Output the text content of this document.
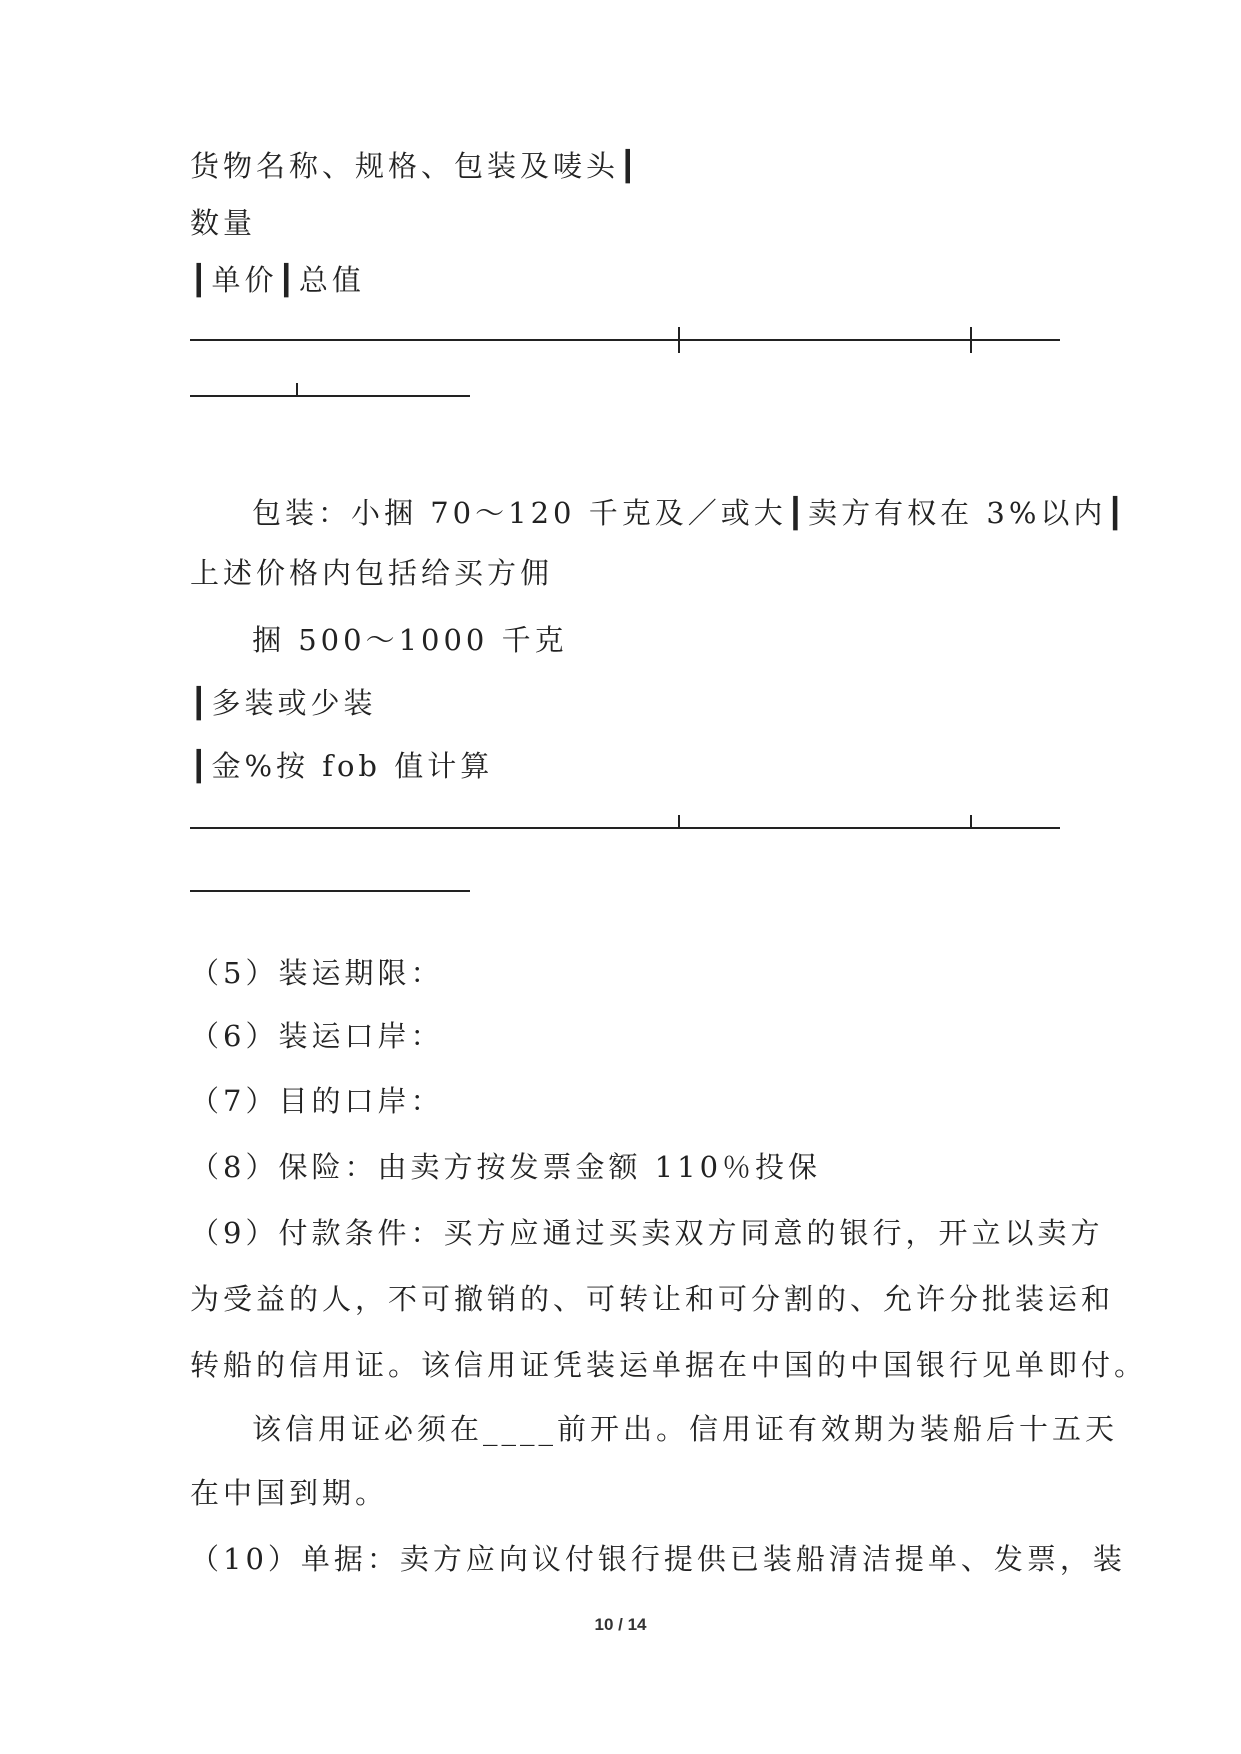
货物名称、规格、包装及唛头┃
数量
┃单价┃总值
包装：小捆 70～120 千克及／或大┃卖方有权在 3%以内┃
上述价格内包括给买方佣
捆 500～1000 千克
┃多装或少装
┃金%按 fob 值计算
（5）装运期限：
（6）装运口岸：
（7）目的口岸：
（8）保险：由卖方按发票金额 110％投保
（9）付款条件：买方应通过买卖双方同意的银行，开立以卖方
为受益的人，不可撤销的、可转让和可分割的、允许分批装运和
转船的信用证。该信用证凭装运单据在中国的中国银行见单即付。
该信用证必须在____前开出。信用证有效期为装船后十五天
在中国到期。
（10）单据：卖方应向议付银行提供已装船清洁提单、发票，装
10 / 14
